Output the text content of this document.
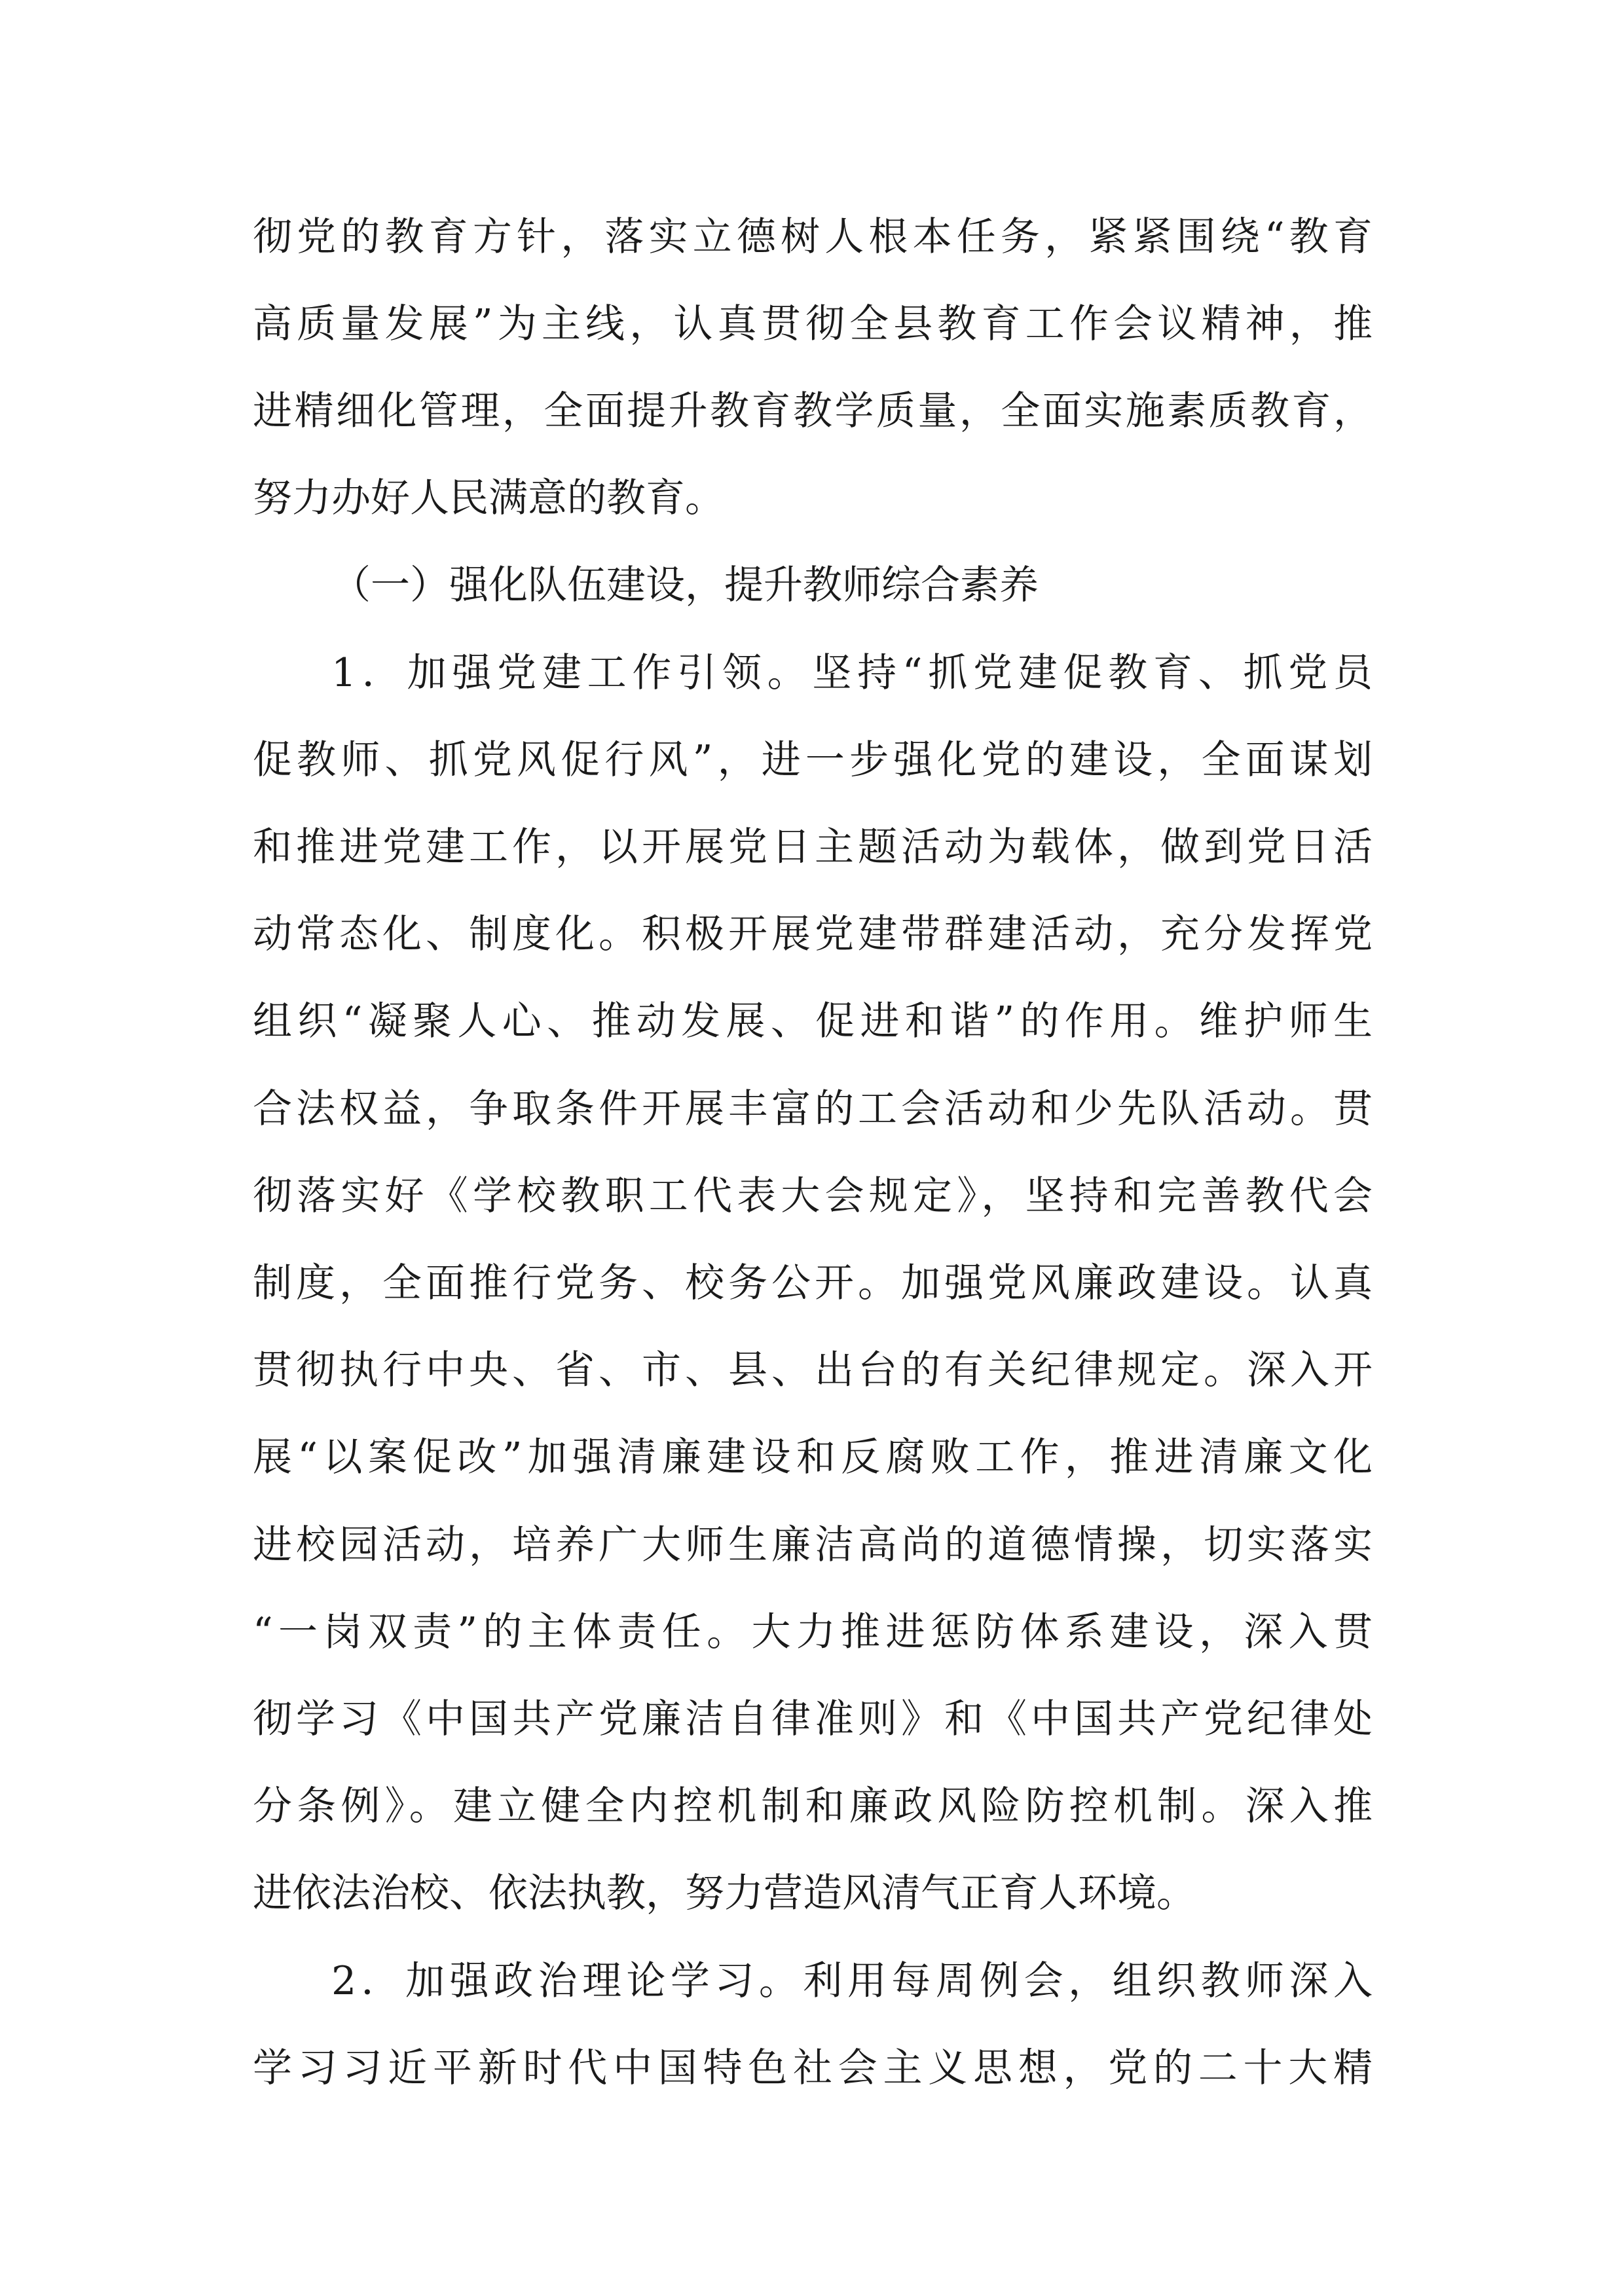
彻党的教育方针，落实立德树人根本任务，紧紧围绕“教育
高质量发展”为主线，认真贯彻全县教育工作会议精神，推
进精细化管理，全面提升教育教学质量，全面实施素质教育，
努力办好人民满意的教育。
（一）强化队伍建设，提升教师综合素养
1．加强党建工作引领。坚持“抓党建促教育、抓党员
促教师、抓党风促行风”，进一步强化党的建设，全面谋划
和推进党建工作，以开展党日主题活动为载体，做到党日活
动常态化、制度化。积极开展党建带群建活动，充分发挥党
组织“凝聚人心、推动发展、促进和谐”的作用。维护师生
合法权益，争取条件开展丰富的工会活动和少先队活动。贯
彻落实好《学校教职工代表大会规定》，坚持和完善教代会
制度，全面推行党务、校务公开。加强党风廉政建设。认真
贯彻执行中央、省、市、县、出台的有关纪律规定。深入开
展“以案促改”加强清廉建设和反腐败工作，推进清廉文化
进校园活动，培养广大师生廉洁高尚的道德情操，切实落实
“一岗双责”的主体责任。大力推进惩防体系建设，深入贯
彻学习《中国共产党廉洁自律准则》和《中国共产党纪律处
分条例》。建立健全内控机制和廉政风险防控机制。深入推
进依法治校、依法执教，努力营造风清气正育人环境。
2．加强政治理论学习。利用每周例会，组织教师深入
学习习近平新时代中国特色社会主义思想，党的二十大精
